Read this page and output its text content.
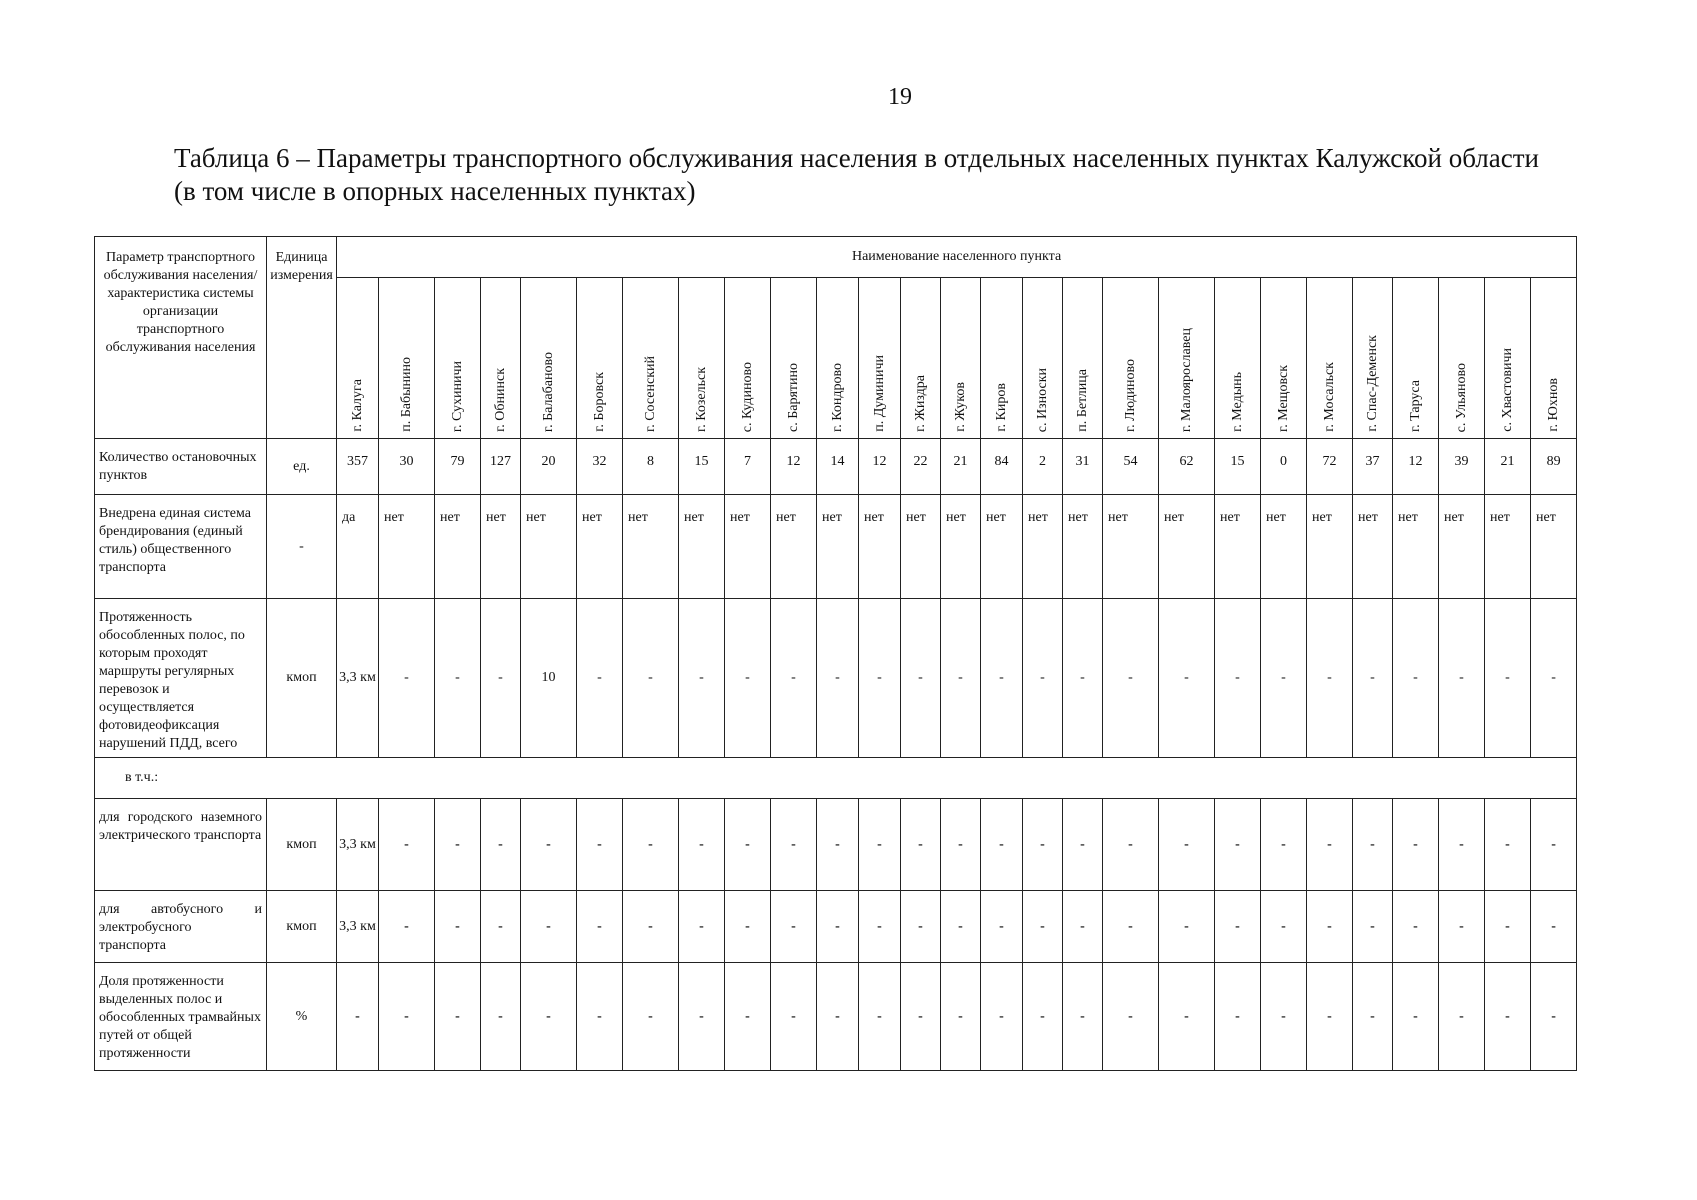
19
Таблица 6 – Параметры транспортного обслуживания населения в отдельных населенных пунктах Калужской области
(в том числе в опорных населенных пунктах)
Параметр транспортного обслуживания населения/характеристика системы организации транспортного обслуживания населения	Единица измерения	Наименование населенного пункта																										

		г. Калуга	п. Бабынино	г. Сухиничи	г. Обнинск	г. Балабаново	г. Боровск	г. Сосенский	г. Козельск	с. Кудиново	с. Барятино	г. Кондрово	п. Думиничи	г. Жиздра	г. Жуков	г. Киров	с. Износки	п. Бетлица	г. Людиново	г. Малоярославец	г. Медынь	г. Мещовск	г. Мосальск	г. Спас-Деменск	г. Таруса	с. Ульяново	с. Хвастовичи	г. Юхнов

Количество остановочных пунктов	ед.	357	30	79	127	20	32	8	15	7	12	14	12	22	21	84	2	31	54	62	15	0	72	37	12	39	21	89
Внедрена единая система брендирования (единый стиль) общественного транспорта	-	да	нет	нет	нет	нет	нет	нет	нет	нет	нет	нет	нет	нет	нет	нет	нет	нет	нет	нет	нет	нет	нет	нет	нет	нет	нет	нет
Протяженность обособленных полос, по которым проходят маршруты регулярных перевозок и осуществляется фотовидеофиксация нарушений ПДД, всего	кмоп	3,3 км	-	-	-	10	-	-	-	-	-	-	-	-	-	-	-	-	-	-	-	-	-	-	-	-	-	-
в т.ч.:																												
для городского наземного электрического транспорта	кмоп	3,3 км	-	-	-	-	-	-	-	-	-	-	-	-	-	-	-	-	-	-	-	-	-	-	-	-	-	-
для автобусного и электробусного транспорта	кмоп	3,3 км	-	-	-	-	-	-	-	-	-	-	-	-	-	-	-	-	-	-	-	-	-	-	-	-	-	-
Доля протяженности выделенных полос и обособленных трамвайных путей от общей протяженности	%	-	-	-	-	-	-	-	-	-	-	-	-	-	-	-	-	-	-	-	-	-	-	-	-	-	-	-
